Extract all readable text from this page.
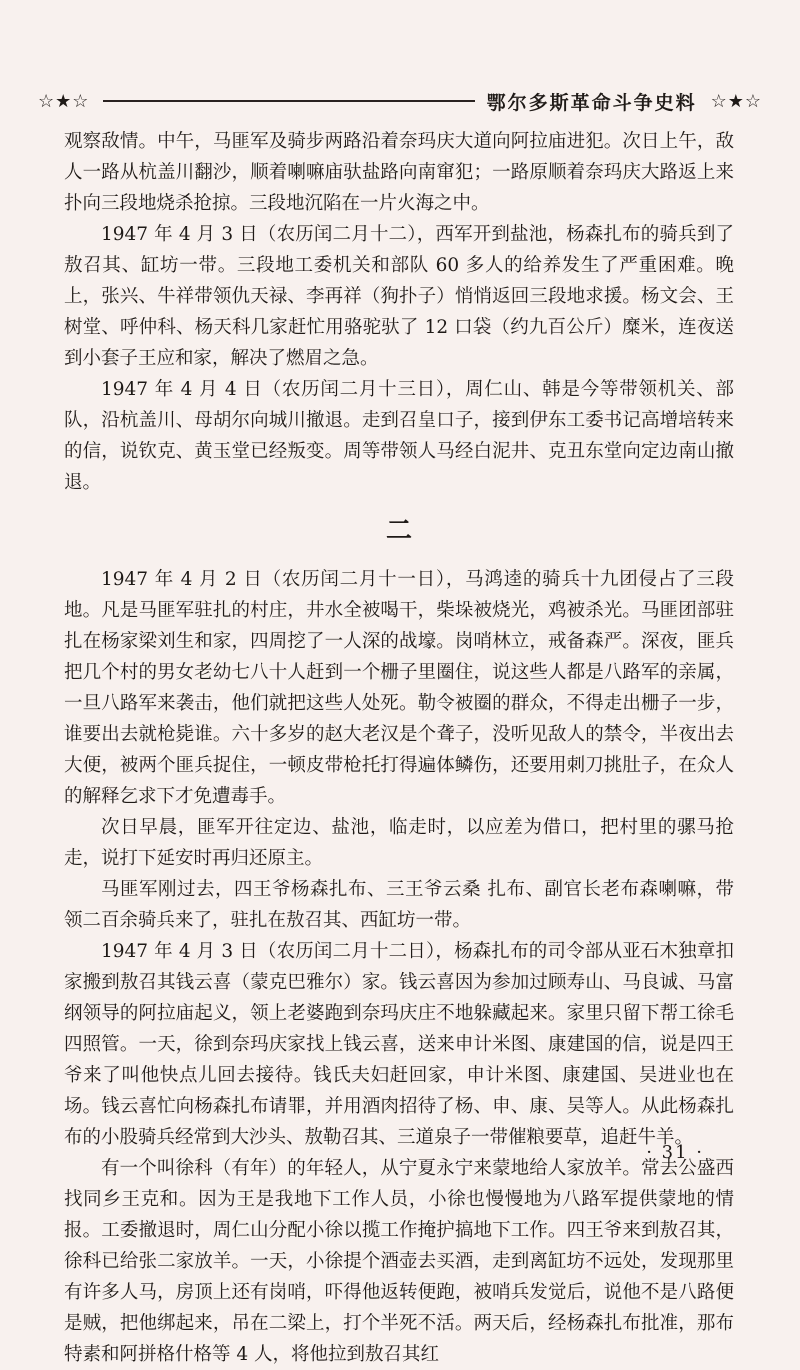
☆★☆	鄂尔多斯革命斗争史料 ☆★☆

观察敌情。中午，马匪军及骑步两路沿着奈玛庆大道向阿拉庙进犯。次日上午，敌人一路从杭盖川翻沙，顺着喇嘛庙驮盐路向南窜犯；一路原顺着奈玛庆大路返上来扑向三段地烧杀抢掠。三段地沉陷在一片火海之中。

1947 年 4 月 3 日（农历闰二月十二），西军开到盐池，杨森扎布的骑兵到了敖召其、缸坊一带。三段地工委机关和部队 60 多人的给养发生了严重困难。晚上，张兴、牛祥带领仇天禄、李再祥（狗扑子）悄悄返回三段地求援。杨文会、王树堂、呼仲科、杨天科几家赶忙用骆驼驮了 12 口袋（约九百公斤）糜米，连夜送到小套子王应和家，解决了燃眉之急。

1947 年 4 月 4 日（农历闰二月十三日），周仁山、韩是今等带领机关、部队，沿杭盖川、母胡尔向城川撤退。走到召皇口子，接到伊东工委书记高增培转来的信，说钦克、黄玉堂已经叛变。周等带领人马经白泥井、克丑东堂向定边南山撤退。

二

1947 年 4 月 2 日（农历闰二月十一日），马鸿逵的骑兵十九团侵占了三段地。凡是马匪军驻扎的村庄，井水全被喝干，柴垛被烧光，鸡被杀光。马匪团部驻扎在杨家梁刘生和家，四周挖了一人深的战壕。岗哨林立，戒备森严。深夜，匪兵把几个村的男女老幼七八十人赶到一个栅子里圈住，说这些人都是八路军的亲属，一旦八路军来袭击，他们就把这些人处死。勒令被圈的群众，不得走出栅子一步，谁要出去就枪毙谁。六十多岁的赵大老汉是个聋子，没听见敌人的禁令，半夜出去大便，被两个匪兵捉住，一顿皮带枪托打得遍体鳞伤，还要用刺刀挑肚子，在众人的解释乞求下才免遭毒手。

次日早晨，匪军开往定边、盐池，临走时，以应差为借口，把村里的骡马抢走，说打下延安时再归还原主。

马匪军刚过去，四王爷杨森扎布、三王爷云桑 扎布、副官长老布森喇嘛，带领二百余骑兵来了，驻扎在敖召其、西缸坊一带。

1947 年 4 月 3 日（农历闰二月十二日），杨森扎布的司令部从亚石木独章扣家搬到敖召其钱云喜（蒙克巴雅尔）家。钱云喜因为参加过顾寿山、马良诚、马富纲领导的阿拉庙起义，领上老婆跑到奈玛庆庄不地躲藏起来。家里只留下帮工徐毛四照管。一天，徐到奈玛庆家找上钱云喜，送来申计米图、康建国的信，说是四王爷来了叫他快点儿回去接待。钱氏夫妇赶回家，申计米图、康建国、吴进业也在场。钱云喜忙向杨森扎布请罪，并用酒肉招待了杨、申、康、吴等人。从此杨森扎布的小股骑兵经常到大沙头、敖勒召其、三道泉子一带催粮要草，追赶牛羊。

有一个叫徐科（有年）的年轻人，从宁夏永宁来蒙地给人家放羊。常去公盛西找同乡王克和。因为王是我地下工作人员，小徐也慢慢地为八路军提供蒙地的情报。工委撤退时，周仁山分配小徐以揽工作掩护搞地下工作。四王爷来到敖召其，徐科已给张二家放羊。一天，小徐提个酒壶去买酒，走到离缸坊不远处，发现那里有许多人马，房顶上还有岗哨，吓得他返转便跑，被哨兵发觉后，说他不是八路便是贼，把他绑起来，吊在二梁上，打个半死不活。两天后，经杨森扎布批准，那布特素和阿拼格什格等 4 人，将他拉到敖召其红

· 31 ·
